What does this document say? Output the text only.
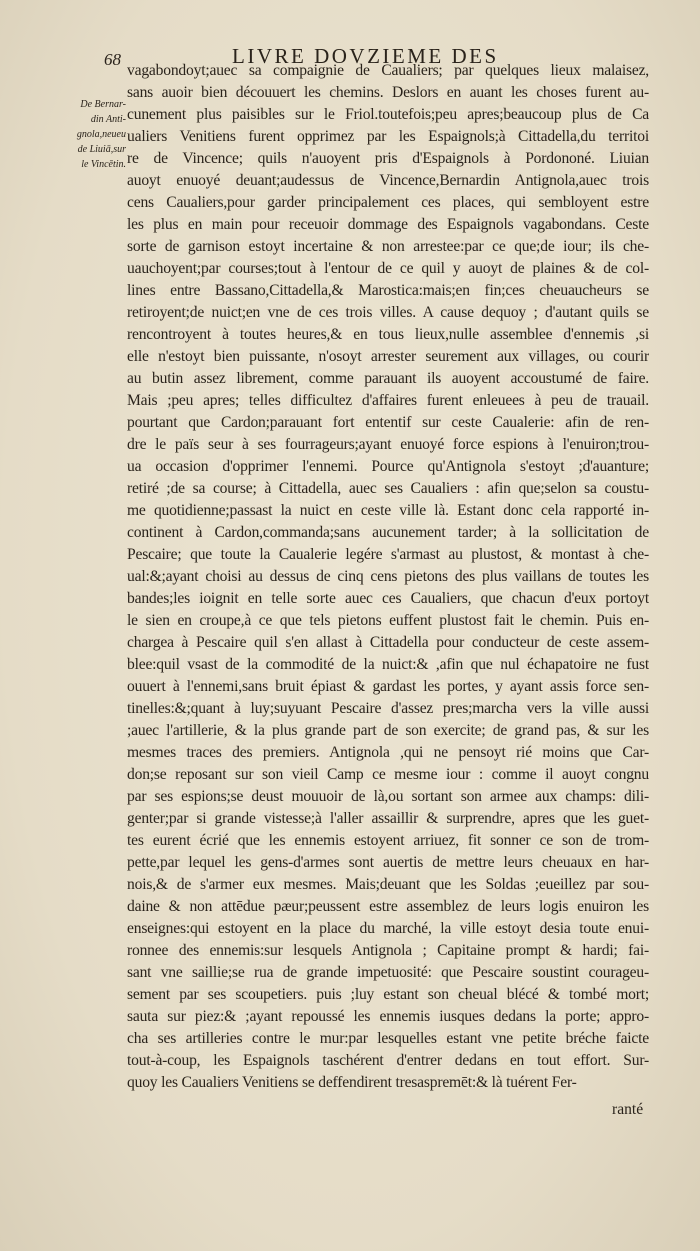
68	LIVRE DOVZIEME DES
De Bernar-
din Anti-
gnola,neueu
de Liuiā,sur
le Vincētin.
vagabondoyt;auec sa compaignie de Caualiers; par quelques lieux malaisez,
sans auoir bien découuert les chemins. Deslors en auant les choses furent au-
cunement plus paisibles sur le Friol.toutefois;peu apres;beaucoup plus de Ca
ualiers Venitiens furent opprimez par les Espaignols;à Cittadella,du territoi
re de Vincence; quils n'auoyent pris d'Espaignols à Pordononé. Liuian
auoyt enuoyé deuant;audessus de Vincence,Bernardin Antignola,auec trois
cens Caualiers,pour garder principalement ces places, qui sembloyent estre
les plus en main pour receuoir dommage des Espaignols vagabondans. Ceste
sorte de garnison estoyt incertaine & non arrestee:par ce que;de iour; ils che-
uauchoyent;par courses;tout à l'entour de ce quil y auoyt de plaines & de col-
lines entre Bassano,Cittadella,& Marostica:mais;en fin;ces cheuaucheurs se
retiroyent;de nuict;en vne de ces trois villes. A cause dequoy ; d'autant quils se
rencontroyent à toutes heures,& en tous lieux,nulle assemblee d'ennemis ,si
elle n'estoyt bien puissante, n'osoyt arrester seurement aux villages, ou courir
au butin assez librement, comme parauant ils auoyent accoustumé de faire.
Mais ;peu apres; telles difficultez d'affaires furent enleuees à peu de trauail.
pourtant que Cardon;parauant fort ententif sur ceste Caualerie: afin de ren-
dre le païs seur à ses fourrageurs;ayant enuoyé force espions à l'enuiron;trou-
ua occasion d'opprimer l'ennemi. Pource qu'Antignola s'estoyt ;d'auanture;
retiré ;de sa course; à Cittadella, auec ses Caualiers : afin que;selon sa coustu-
me quotidienne;passast la nuict en ceste ville là. Estant donc cela rapporté in-
continent à Cardon,commanda;sans aucunement tarder; à la sollicitation de
Pescaire; que toute la Caualerie legére s'armast au plustost, & montast à che-
ual:&;ayant choisi au dessus de cinq cens pietons des plus vaillans de toutes les
bandes;les ioignit en telle sorte auec ces Caualiers, que chacun d'eux portoyt
le sien en croupe,à ce que tels pietons euffent plustost fait le chemin. Puis en-
chargea à Pescaire quil s'en allast à Cittadella pour conducteur de ceste assem-
blee:quil vsast de la commodité de la nuict:& ,afin que nul échapatoire ne fust
ouuert à l'ennemi,sans bruit épiast & gardast les portes, y ayant assis force sen-
tinelles:&;quant à luy;suyuant Pescaire d'assez pres;marcha vers la ville aussi
;auec l'artillerie, & la plus grande part de son exercite; de grand pas, & sur les
mesmes traces des premiers. Antignola ,qui ne pensoyt rié moins que Car-
don;se reposant sur son vieil Camp ce mesme iour : comme il auoyt congnu
par ses espions;se deust mouuoir de là,ou sortant son armee aux champs: dili-
genter;par si grande vistesse;à l'aller assaillir & surprendre, apres que les guet-
tes eurent écrié que les ennemis estoyent arriuez, fit sonner ce son de trom-
pette,par lequel les gens-d'armes sont auertis de mettre leurs cheuaux en har-
nois,& de s'armer eux mesmes. Mais;deuant que les Soldas ;eueillez par sou-
daine & non attēdue pæur;peussent estre assemblez de leurs logis enuiron les
enseignes:qui estoyent en la place du marché, la ville estoyt desia toute enui-
ronnee des ennemis:sur lesquels Antignola ; Capitaine prompt & hardi; fai-
sant vne saillie;se rua de grande impetuosité: que Pescaire soustint courageu-
sement par ses scoupetiers. puis ;luy estant son cheual blécé & tombé mort;
sauta sur piez:& ;ayant repoussé les ennemis iusques dedans la porte; appro-
cha ses artilleries contre le mur:par lesquelles estant vne petite bréche faicte
tout-à-coup, les Espaignols taschérent d'entrer dedans en tout effort. Sur-
quoy les Caualiers Venitiens se deffendirent tresaspremēt:& là tuérent Fer-
ranté
